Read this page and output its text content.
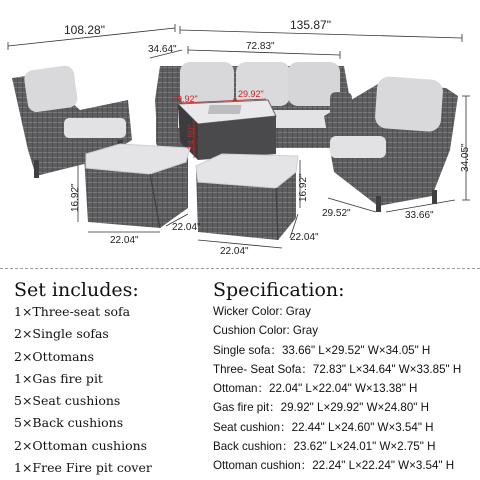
135.87"
108.28"
34.64"	72.83"
29.92"	29.92"
24.80"
34.05"
29.52"	33.66"
16.92"	16.92"
22.04"
22.04"
22.04"
22.04"
Set includes:
1×Three-seat sofa
2×Single sofas
2×Ottomans
1×Gas fire pit
5×Seat cushions
5×Back cushions
2×Ottoman cushions
1×Free Fire pit cover
Specification:
Wicker Color: Gray
Cushion Color: Gray
Single sofa：33.66" L×29.52" W×34.05" H
Three- Seat Sofa：72.83" L×34.64" W×33.85" H
Ottoman：22.04" L×22.04" W×13.38" H
Gas fire pit：29.92" L×29.92" W×24.80" H
Seat cushion：22.44" L×24.60" W×3.54" H
Back cushion：23.62" L×24.01" W×2.75" H
Ottoman cushion：22.24" L×22.24" W×3.54" H
